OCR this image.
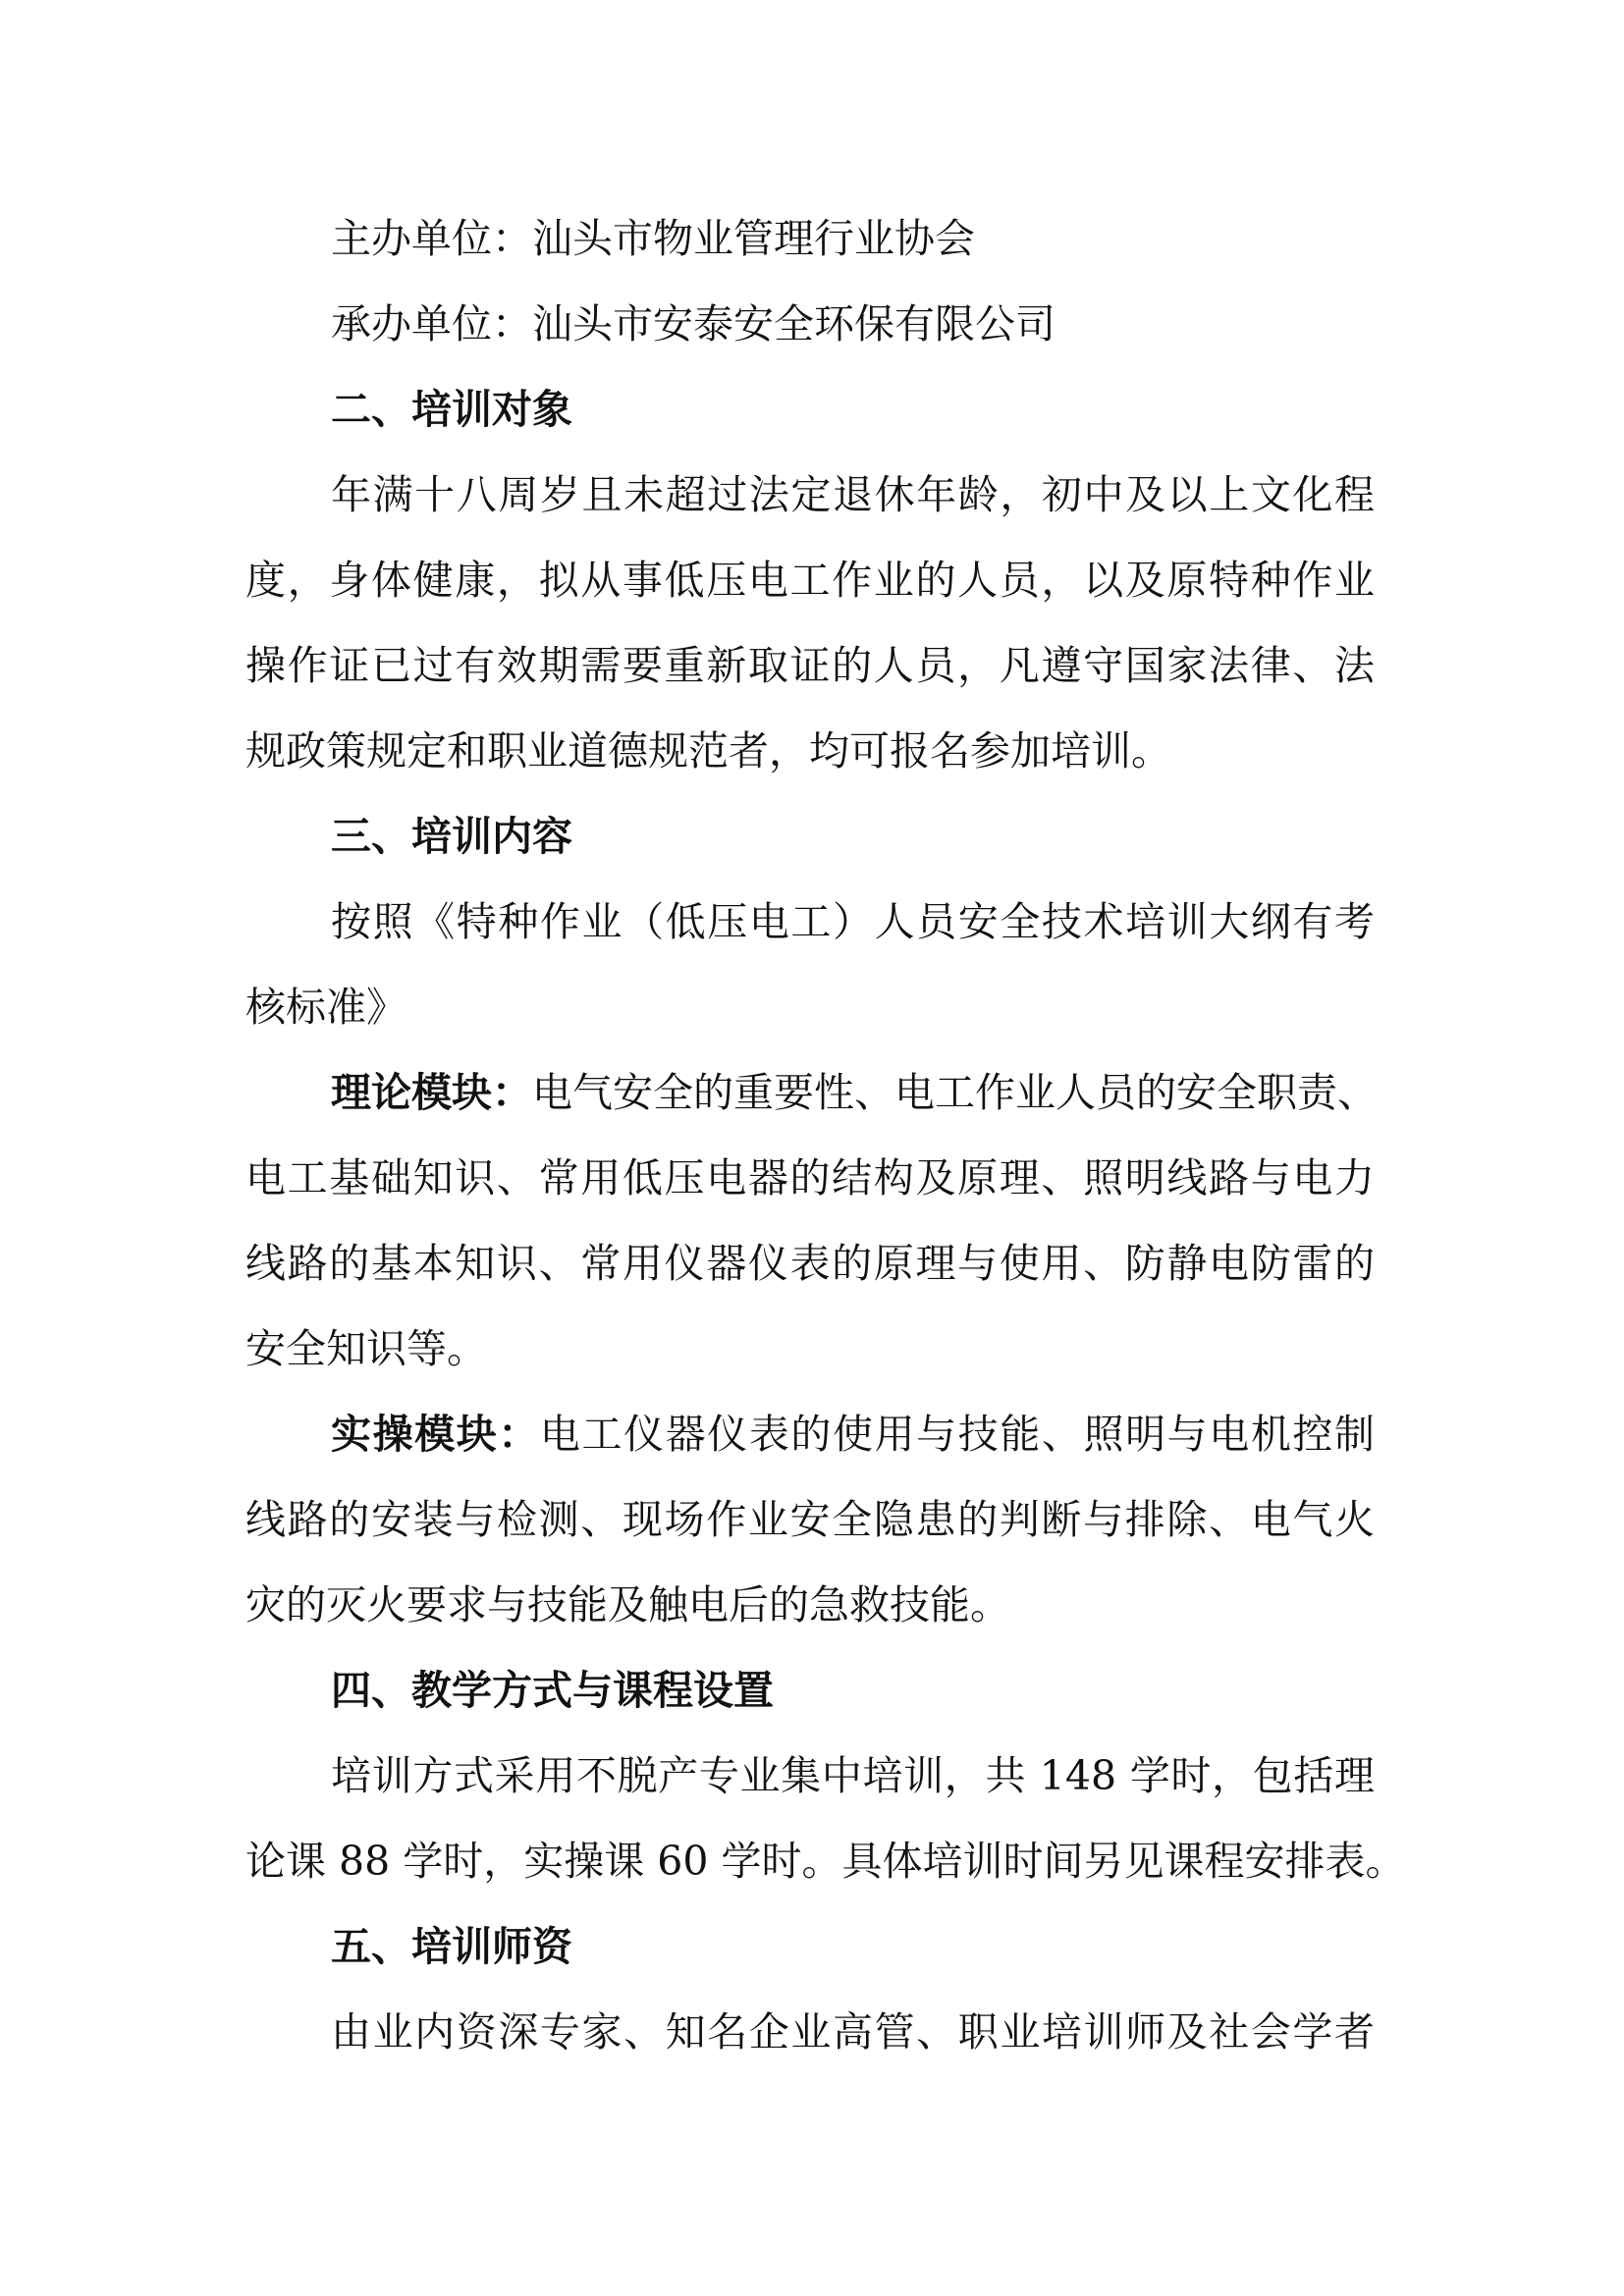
主办单位：汕头市物业管理行业协会

承办单位：汕头市安泰安全环保有限公司

二、培训对象

年满十八周岁且未超过法定退休年龄，初中及以上文化程

度，身体健康，拟从事低压电工作业的人员，以及原特种作业

操作证已过有效期需要重新取证的人员，凡遵守国家法律、法

规政策规定和职业道德规范者，均可报名参加培训。

三、培训内容

按照《特种作业（低压电工）人员安全技术培训大纲有考

核标准》

理论模块：电气安全的重要性、电工作业人员的安全职责、

电工基础知识、常用低压电器的结构及原理、照明线路与电力

线路的基本知识、常用仪器仪表的原理与使用、防静电防雷的

安全知识等。

实操模块：电工仪器仪表的使用与技能、照明与电机控制

线路的安装与检测、现场作业安全隐患的判断与排除、电气火

灾的灭火要求与技能及触电后的急救技能。

四、教学方式与课程设置

培训方式采用不脱产专业集中培训，共 148 学时，包括理

论课 88 学时，实操课 60 学时。具体培训时间另见课程安排表。

五、培训师资

由业内资深专家、知名企业高管、职业培训师及社会学者
